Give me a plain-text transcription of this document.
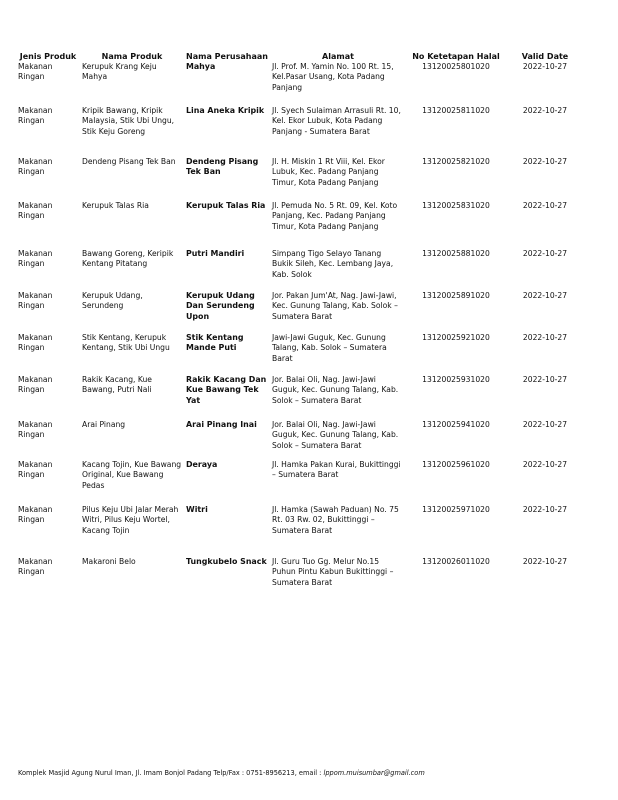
Jenis Produk	Nama Produk	Nama Perusahaan	Alamat	No Ketetapan Halal	Valid Date
Makanan Ringan	Kerupuk Krang Keju Mahya	Mahya	Jl. Prof. M. Yamin No. 100 Rt. 15, Kel.Pasar Usang, Kota Padang Panjang	13120025801020	2022-10-27
Makanan Ringan	Kripik Bawang, Kripik Malaysia, Stik Ubi Ungu, Stik Keju Goreng	Lina Aneka Kripik	Jl. Syech Sulaiman Arrasuli Rt. 10, Kel. Ekor Lubuk, Kota Padang Panjang - Sumatera Barat	13120025811020	2022-10-27
Makanan Ringan	Dendeng Pisang Tek Ban	Dendeng Pisang Tek Ban	Jl. H. Miskin 1 Rt Viii, Kel. Ekor Lubuk, Kec. Padang Panjang Timur, Kota Padang Panjang	13120025821020	2022-10-27
Makanan Ringan	Kerupuk Talas Ria	Kerupuk Talas Ria	Jl. Pemuda No. 5 Rt. 09, Kel. Koto Panjang, Kec. Padang Panjang Timur, Kota Padang Panjang	13120025831020	2022-10-27
Makanan Ringan	Bawang Goreng, Keripik Kentang Pitatang	Putri Mandiri	Simpang Tigo Selayo Tanang Bukik Sileh, Kec. Lembang Jaya, Kab. Solok	13120025881020	2022-10-27
Makanan Ringan	Kerupuk Udang, Serundeng	Kerupuk Udang Dan Serundeng Upon	Jor. Pakan Jum'At, Nag. Jawi-Jawi, Kec. Gunung Talang, Kab. Solok – Sumatera Barat	13120025891020	2022-10-27
Makanan Ringan	Stik Kentang, Kerupuk Kentang, Stik Ubi Ungu	Stik Kentang Mande Puti	Jawi-Jawi Guguk, Kec. Gunung Talang, Kab. Solok – Sumatera Barat	13120025921020	2022-10-27
Makanan Ringan	Rakik Kacang, Kue Bawang, Putri Nali	Rakik Kacang Dan Kue Bawang Tek Yat	Jor. Balai Oli, Nag. Jawi-Jawi Guguk, Kec. Gunung Talang, Kab. Solok – Sumatera Barat	13120025931020	2022-10-27
Makanan Ringan	Arai Pinang	Arai Pinang Inai	Jor. Balai Oli, Nag. Jawi-Jawi Guguk, Kec. Gunung Talang, Kab. Solok – Sumatera Barat	13120025941020	2022-10-27
Makanan Ringan	Kacang Tojin, Kue Bawang Original, Kue Bawang Pedas	Deraya	Jl. Hamka Pakan Kurai, Bukittinggi – Sumatera Barat	13120025961020	2022-10-27
Makanan Ringan	Pilus Keju Ubi Jalar Merah Witri, Pilus Keju Wortel, Kacang Tojin	Witri	Jl. Hamka (Sawah Paduan) No. 75 Rt. 03 Rw. 02, Bukittinggi – Sumatera Barat	13120025971020	2022-10-27
Makanan Ringan	Makaroni Belo	Tungkubelo Snack	Jl. Guru Tuo Gg. Melur No.15 Puhun Pintu Kabun Bukittinggi – Sumatera Barat	13120026011020	2022-10-27
Komplek Masjid Agung Nurul Iman, Jl. Imam Bonjol Padang Telp/Fax : 0751-8956213, email : lppom.muisumbar@gmail.com
